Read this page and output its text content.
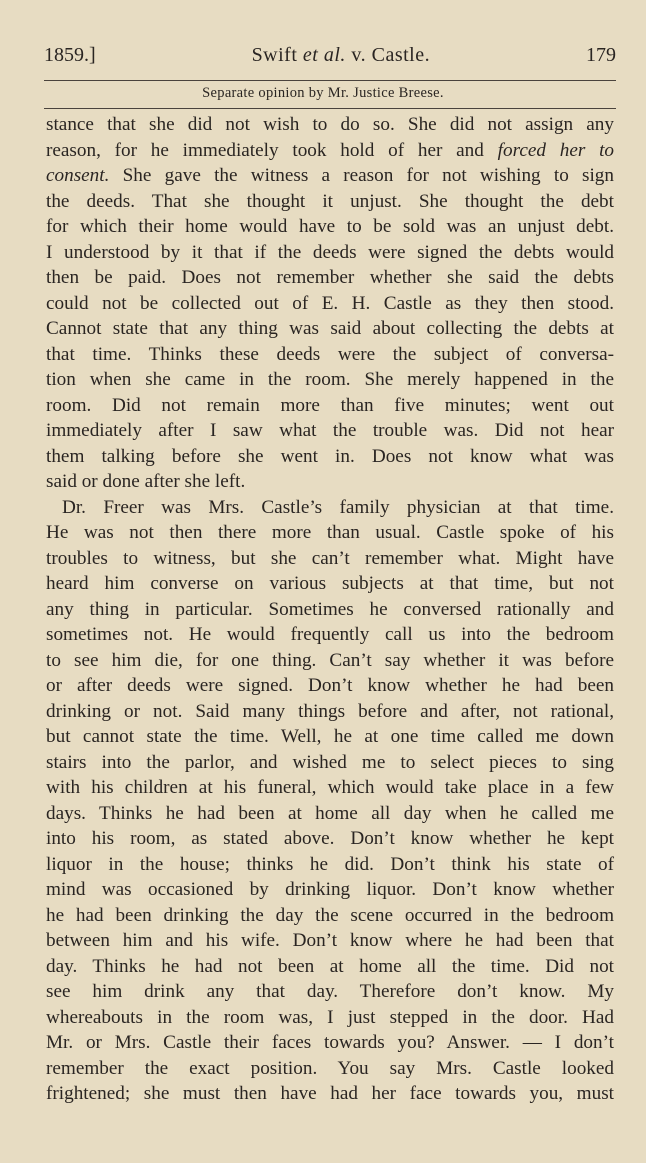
1859.]	Swift et al. v. Castle.	179
Separate opinion by Mr. Justice Breese.
stance that she did not wish to do so. She did not assign any
reason, for he immediately took hold of her and forced her to
consent. She gave the witness a reason for not wishing to sign
the deeds. That she thought it unjust. She thought the debt
for which their home would have to be sold was an unjust debt.
I understood by it that if the deeds were signed the debts would
then be paid. Does not remember whether she said the debts
could not be collected out of E. H. Castle as they then stood.
Cannot state that any thing was said about collecting the debts at
that time. Thinks these deeds were the subject of conversa-
tion when she came in the room. She merely happened in the
room. Did not remain more than five minutes; went out
immediately after I saw what the trouble was. Did not hear
them talking before she went in. Does not know what was
said or done after she left.
Dr. Freer was Mrs. Castle’s family physician at that time.
He was not then there more than usual. Castle spoke of his
troubles to witness, but she can’t remember what. Might have
heard him converse on various subjects at that time, but not
any thing in particular. Sometimes he conversed rationally and
sometimes not. He would frequently call us into the bedroom
to see him die, for one thing. Can’t say whether it was before
or after deeds were signed. Don’t know whether he had been
drinking or not. Said many things before and after, not rational,
but cannot state the time. Well, he at one time called me down
stairs into the parlor, and wished me to select pieces to sing
with his children at his funeral, which would take place in a few
days. Thinks he had been at home all day when he called me
into his room, as stated above. Don’t know whether he kept
liquor in the house; thinks he did. Don’t think his state of
mind was occasioned by drinking liquor. Don’t know whether
he had been drinking the day the scene occurred in the bedroom
between him and his wife. Don’t know where he had been that
day. Thinks he had not been at home all the time. Did not
see him drink any that day. Therefore don’t know. My
whereabouts in the room was, I just stepped in the door. Had
Mr. or Mrs. Castle their faces towards you? Answer. — I don’t
remember the exact position. You say Mrs. Castle looked
frightened; she must then have had her face towards you, must
